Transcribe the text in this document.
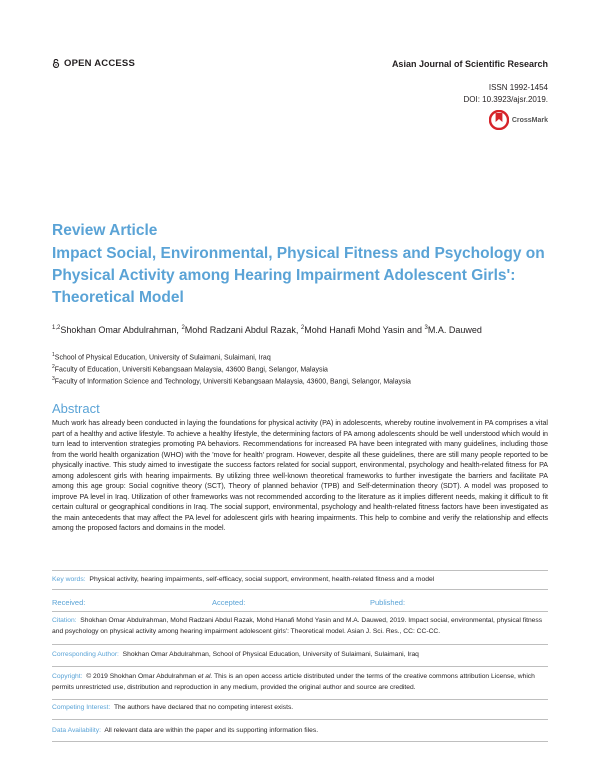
OPEN ACCESS	Asian Journal of Scientific Research
ISSN 1992-1454
DOI: 10.3923/ajsr.2019.
CrossMark
Review Article
Impact Social, Environmental, Physical Fitness and Psychology on Physical Activity among Hearing Impairment Adolescent Girls': Theoretical Model
$^{1,2}$Shokhan Omar Abdulrahman, $^2$Mohd Radzani Abdul Razak, $^2$Mohd Hanafi Mohd Yasin and $^3$M.A. Dauwed
$^1$School of Physical Education, University of Sulaimani, Sulaimani, Iraq
$^2$Faculty of Education, Universiti Kebangsaan Malaysia, 43600 Bangi, Selangor, Malaysia
$^3$Faculty of Information Science and Technology, Universiti Kebangsaan Malaysia, 43600, Bangi, Selangor, Malaysia
Abstract
Much work has already been conducted in laying the foundations for physical activity (PA) in adolescents, whereby routine involvement in PA comprises a vital part of a healthy and active lifestyle. To achieve a healthy lifestyle, the determining factors of PA among adolescents should be well understood which would in turn lead to intervention strategies promoting PA behaviors. Recommendations for increased PA have been integrated with many guidelines, including those from the world health organization (WHO) with the 'move for health' program. However, despite all these guidelines, there are still many people reported to be physically inactive. This study aimed to investigate the success factors related for social support, environmental, psychology and health-related fitness for PA among adolescent girls with hearing impairments. By utilizing three well-known theoretical frameworks to further investigate the barriers and facilitate PA among this age group: Social cognitive theory (SCT), Theory of planned behavior (TPB) and Self-determination theory (SDT). A model was proposed to improve PA level in Iraq. Utilization of other frameworks was not recommended according to the literature as it implies different needs, making it difficult to fit certain cultural or geographical conditions in Iraq. The social support, environmental, psychology and health-related fitness factors have been investigated as the main antecedents that may affect the PA level for adolescent girls with hearing impairments. This help to combine and verify the relationship and effects among the proposed factors and domains in the model.
Key words: Physical activity, hearing impairments, self-efficacy, social support, environment, health-related fitness and a model
Received:	Accepted:	Published:
Citation: Shokhan Omar Abdulrahman, Mohd Radzani Abdul Razak, Mohd Hanafi Mohd Yasin and M.A. Dauwed, 2019. Impact social, environmental, physical fitness and psychology on physical activity among hearing impairment adolescent girls': Theoretical model. Asian J. Sci. Res., CC: CC-CC.
Corresponding Author: Shokhan Omar Abdulrahman, School of Physical Education, University of Sulaimani, Sulaimani, Iraq
Copyright: © 2019 Shokhan Omar Abdulrahman et al. This is an open access article distributed under the terms of the creative commons attribution License, which permits unrestricted use, distribution and reproduction in any medium, provided the original author and source are credited.
Competing Interest: The authors have declared that no competing interest exists.
Data Availability: All relevant data are within the paper and its supporting information files.
